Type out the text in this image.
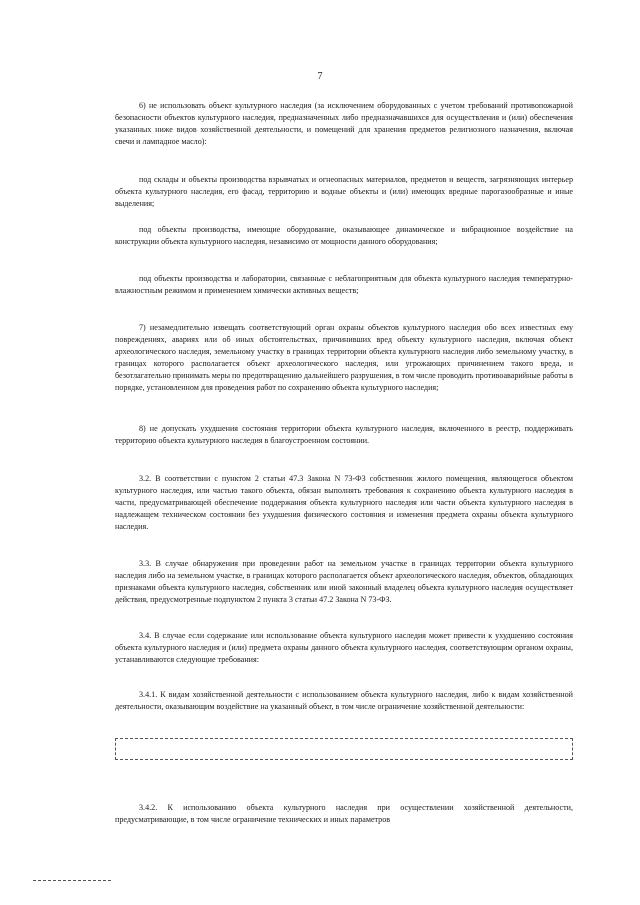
7

6) не использовать объект культурного наследия (за исключением оборудованных с учетом требований противопожарной безопасности объектов культурного наследия, предназначенных либо предназначавшихся для осуществления и (или) обеспечения указанных ниже видов хозяйственной деятельности, и помещений для хранения предметов религиозного назначения, включая свечи и лампадное масло):

под склады и объекты производства взрывчатых и огнеопасных материалов, предметов и веществ, загрязняющих интерьер объекта культурного наследия, его фасад, территорию и водные объекты и (или) имеющих вредные парогазообразные и иные выделения;

под объекты производства, имеющие оборудование, оказывающее динамическое и вибрационное воздействие на конструкции объекта культурного наследия, независимо от мощности данного оборудования;

под объекты производства и лаборатории, связанные с неблагоприятным для объекта культурного наследия температурно-влажностным режимом и применением химически активных веществ;

7) незамедлительно извещать соответствующий орган охраны объектов культурного наследия обо всех известных ему повреждениях, авариях или об иных обстоятельствах, причинивших вред объекту культурного наследия, включая объект археологического наследия, земельному участку в границах территории объекта культурного наследия либо земельному участку, в границах которого располагается объект археологического наследия, или угрожающих причинением такого вреда, и безотлагательно принимать меры по предотвращению дальнейшего разрушения, в том числе проводить противоаварийные работы в порядке, установленном для проведения работ по сохранению объекта культурного наследия;

8) не допускать ухудшения состояния территории объекта культурного наследия, включенного в реестр, поддерживать территорию объекта культурного наследия в благоустроенном состоянии.

3.2. В соответствии с пунктом 2 статьи 47.3 Закона N 73-ФЗ собственник жилого помещения, являющегося объектом культурного наследия, или частью такого объекта, обязан выполнять требования к сохранению объекта культурного наследия в части, предусматривающей обеспечение поддержания объекта культурного наследия или части объекта культурного наследия в надлежащем техническом состоянии без ухудшения физического состояния и изменения предмета охраны объекта культурного наследия.

3.3. В случае обнаружения при проведении работ на земельном участке в границах территории объекта культурного наследия либо на земельном участке, в границах которого располагается объект археологического наследия, объектов, обладающих признаками объекта культурного наследия, собственник или иной законный владелец объекта культурного наследия осуществляет действия, предусмотренные подпунктом 2 пункта 3 статьи 47.2 Закона N 73-ФЗ.

3.4. В случае если содержание или использование объекта культурного наследия может привести к ухудшению состояния объекта культурного наследия и (или) предмета охраны данного объекта культурного наследия, соответствующим органом охраны, устанавливаются следующие требования:

3.4.1. К видам хозяйственной деятельности с использованием объекта культурного наследия, либо к видам хозяйственной деятельности, оказывающим воздействие на указанный объект, в том числе ограничение хозяйственной деятельности:

3.4.2. К использованию объекта культурного наследия при осуществлении хозяйственной деятельности, предусматривающие, в том числе ограничение технических и иных параметров
